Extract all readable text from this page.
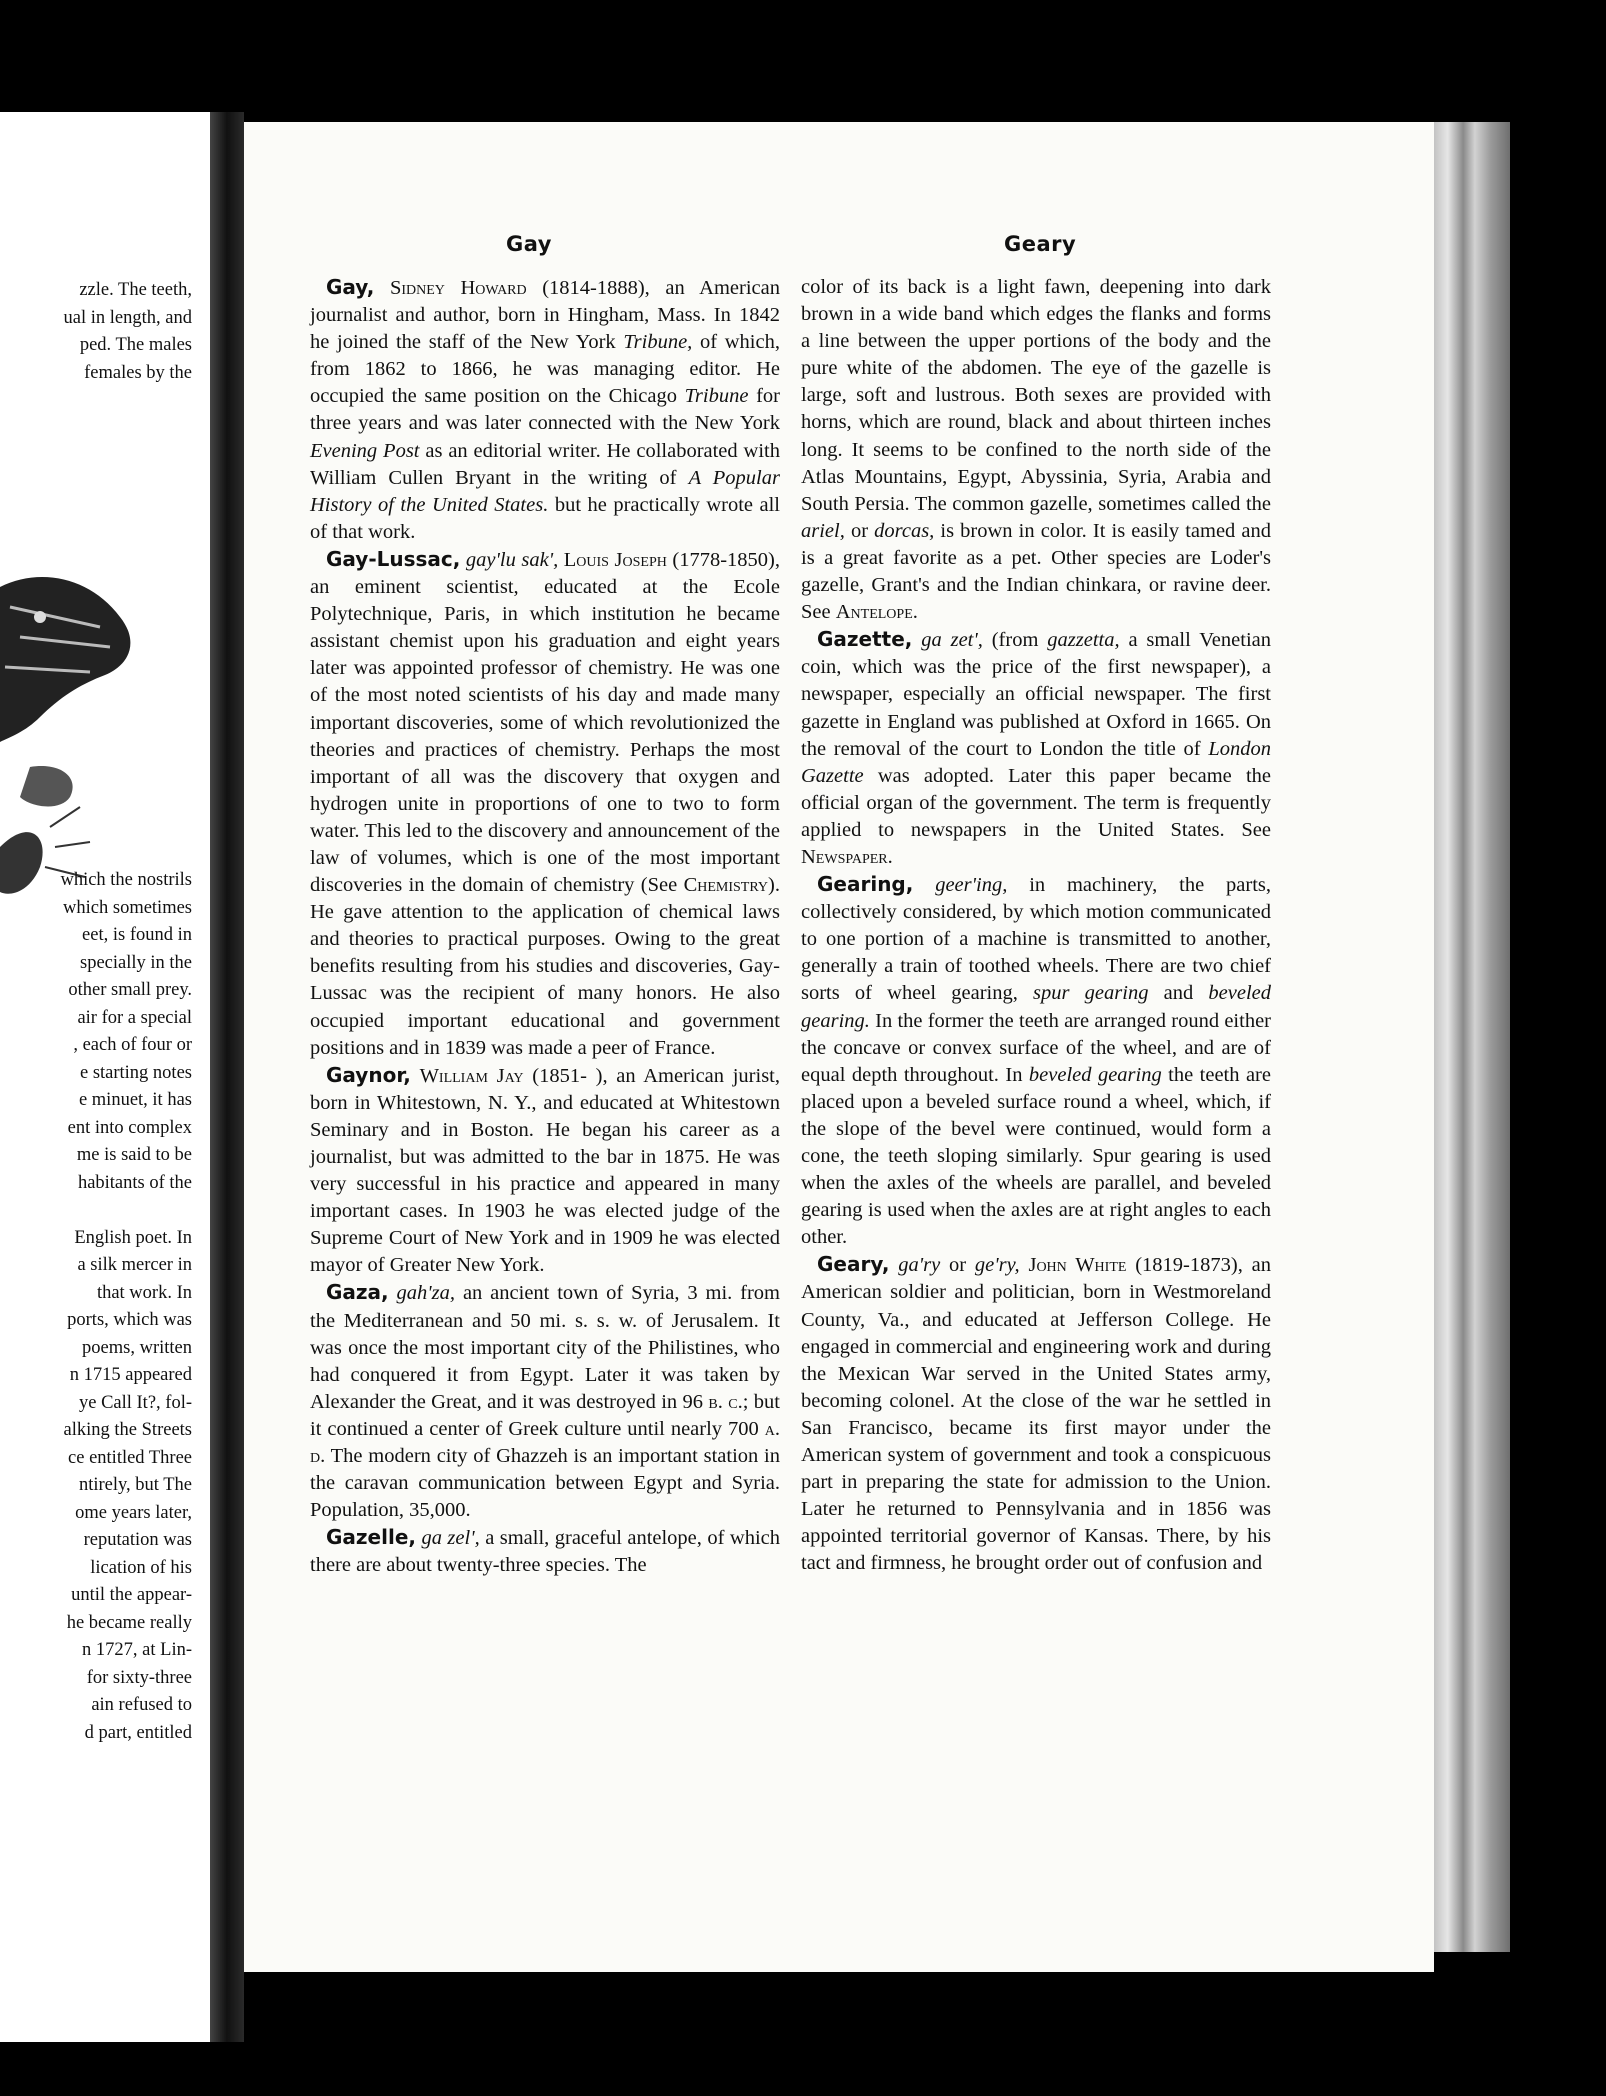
zzle. The teeth,
ual in length, and
ped. The males
females by the
which the nostrils
which sometimes
eet, is found in
specially in the
other small prey.
air for a special
, each of four or
e starting notes
e minuet, it has
ent into complex
me is said to be
habitants of the

English poet. In
a silk mercer in
that work. In
ports, which was
poems, written
n 1715 appeared
ye Call It?, fol-
alking the Streets
ce entitled Three
ntirely, but The
ome years later,
reputation was
lication of his
until the appear-
he became really
n 1727, at Lin-
for sixty-three
ain refused to
d part, entitled
Gay	Geary

Gay, Sidney Howard (1814-1888), an American journalist and author, born in Hingham, Mass. In 1842 he joined the staff of the New York Tribune, of which, from 1862 to 1866, he was managing editor. He occupied the same position on the Chicago Tribune for three years and was later connected with the New York Evening Post as an editorial writer. He collaborated with William Cullen Bryant in the writing of A Popular History of the United States. but he practically wrote all of that work.

Gay-Lussac, gay'lu sak', Louis Joseph (1778-1850), an eminent scientist, educated at the Ecole Polytechnique, Paris, in which institution he became assistant chemist upon his graduation and eight years later was appointed professor of chemistry. He was one of the most noted scientists of his day and made many important discoveries, some of which revolutionized the theories and practices of chemistry. Perhaps the most important of all was the discovery that oxygen and hydrogen unite in proportions of one to two to form water. This led to the discovery and announcement of the law of volumes, which is one of the most important discoveries in the domain of chemistry (See Chemistry). He gave attention to the application of chemical laws and theories to practical purposes. Owing to the great benefits resulting from his studies and discoveries, Gay-Lussac was the recipient of many honors. He also occupied important educational and government positions and in 1839 was made a peer of France.

Gaynor, William Jay (1851- ), an American jurist, born in Whitestown, N. Y., and educated at Whitestown Seminary and in Boston. He began his career as a journalist, but was admitted to the bar in 1875. He was very successful in his practice and appeared in many important cases. In 1903 he was elected judge of the Supreme Court of New York and in 1909 he was elected mayor of Greater New York.

Gaza, gah'za, an ancient town of Syria, 3 mi. from the Mediterranean and 50 mi. s. s. w. of Jerusalem. It was once the most important city of the Philistines, who had conquered it from Egypt. Later it was taken by Alexander the Great, and it was destroyed in 96 b. c.; but it continued a center of Greek culture until nearly 700 a. d. The modern city of Ghazzeh is an important station in the caravan communication between Egypt and Syria. Population, 35,000.

Gazelle, ga zel', a small, graceful antelope, of which there are about twenty-three species. The

color of its back is a light fawn, deepening into dark brown in a wide band which edges the flanks and forms a line between the upper portions of the body and the pure white of the abdomen. The eye of the gazelle is large, soft and lustrous. Both sexes are provided with horns, which are round, black and about thirteen inches long. It seems to be confined to the north side of the Atlas Mountains, Egypt, Abyssinia, Syria, Arabia and South Persia. The common gazelle, sometimes called the ariel, or dorcas, is brown in color. It is easily tamed and is a great favorite as a pet. Other species are Loder's gazelle, Grant's and the Indian chinkara, or ravine deer. See Antelope.

Gazette, ga zet', (from gazzetta, a small Venetian coin, which was the price of the first newspaper), a newspaper, especially an official newspaper. The first gazette in England was published at Oxford in 1665. On the removal of the court to London the title of London Gazette was adopted. Later this paper became the official organ of the government. The term is frequently applied to newspapers in the United States. See Newspaper.

Gearing, geer'ing, in machinery, the parts, collectively considered, by which motion communicated to one portion of a machine is transmitted to another, generally a train of toothed wheels. There are two chief sorts of wheel gearing, spur gearing and beveled gearing. In the former the teeth are arranged round either the concave or convex surface of the wheel, and are of equal depth throughout. In beveled gearing the teeth are placed upon a beveled surface round a wheel, which, if the slope of the bevel were continued, would form a cone, the teeth sloping similarly. Spur gearing is used when the axles of the wheels are parallel, and beveled gearing is used when the axles are at right angles to each other.

Geary, ga'ry or ge'ry, John White (1819-1873), an American soldier and politician, born in Westmoreland County, Va., and educated at Jefferson College. He engaged in commercial and engineering work and during the Mexican War served in the United States army, becoming colonel. At the close of the war he settled in San Francisco, became its first mayor under the American system of government and took a conspicuous part in preparing the state for admission to the Union. Later he returned to Pennsylvania and in 1856 was appointed territorial governor of Kansas. There, by his tact and firmness, he brought order out of confusion and
